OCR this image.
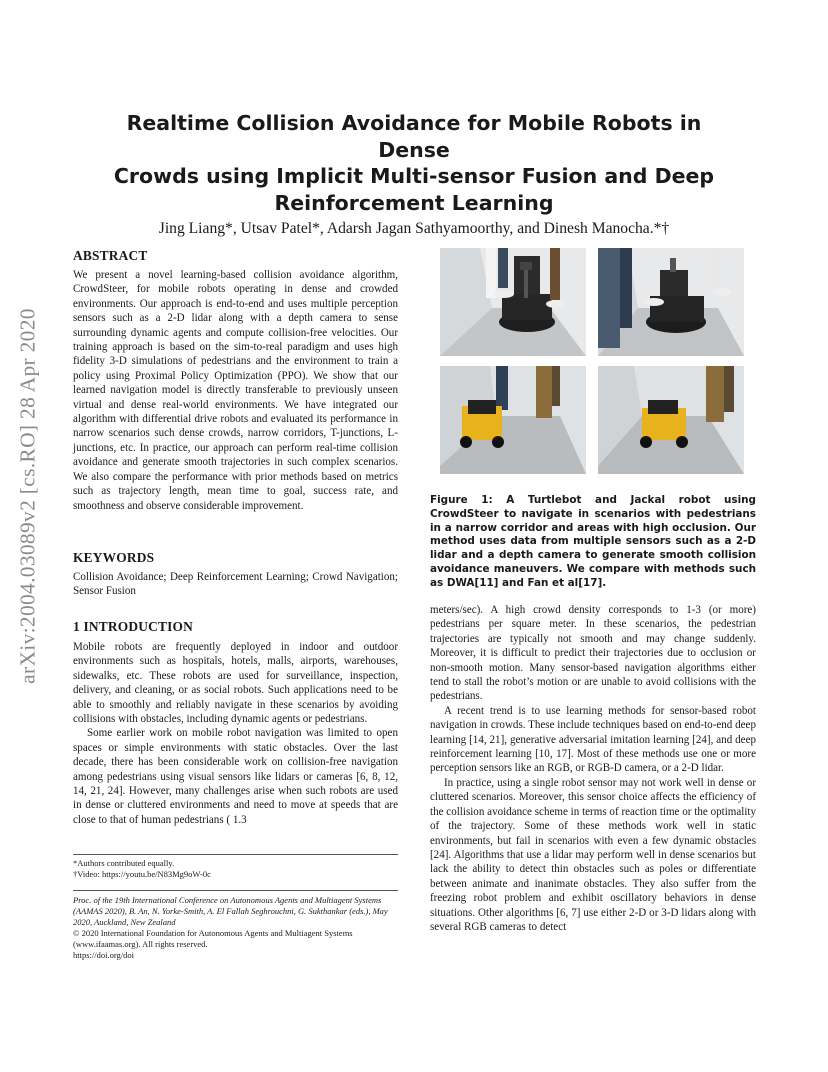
arXiv:2004.03089v2 [cs.RO] 28 Apr 2020
Realtime Collision Avoidance for Mobile Robots in Dense
Crowds using Implicit Multi-sensor Fusion and Deep
Reinforcement Learning
Jing Liang*, Utsav Patel*, Adarsh Jagan Sathyamoorthy, and Dinesh Manocha.*†
ABSTRACT

We present a novel learning-based collision avoidance algorithm, CrowdSteer, for mobile robots operating in dense and crowded environments. Our approach is end-to-end and uses multiple perception sensors such as a 2-D lidar along with a depth camera to sense surrounding dynamic agents and compute collision-free velocities. Our training approach is based on the sim-to-real paradigm and uses high fidelity 3-D simulations of pedestrians and the environment to train a policy using Proximal Policy Optimization (PPO). We show that our learned navigation model is directly transferable to previously unseen virtual and dense real-world environments. We have integrated our algorithm with differential drive robots and evaluated its performance in narrow scenarios such dense crowds, narrow corridors, T-junctions, L-junctions, etc. In practice, our approach can perform real-time collision avoidance and generate smooth trajectories in such complex scenarios. We also compare the performance with prior methods based on metrics such as trajectory length, mean time to goal, success rate, and smoothness and observe considerable improvement.

KEYWORDS

Collision Avoidance; Deep Reinforcement Learning; Crowd Navigation; Sensor Fusion

1 INTRODUCTION

Mobile robots are frequently deployed in indoor and outdoor environments such as hospitals, hotels, malls, airports, warehouses, sidewalks, etc. These robots are used for surveillance, inspection, delivery, and cleaning, or as social robots. Such applications need to be able to smoothly and reliably navigate in these scenarios by avoiding collisions with obstacles, including dynamic agents or pedestrians.

Some earlier work on mobile robot navigation was limited to open spaces or simple environments with static obstacles. Over the last decade, there has been considerable work on collision-free navigation among pedestrians using visual sensors like lidars or cameras [6, 8, 12, 14, 21, 24]. However, many challenges arise when such robots are used in dense or cluttered environments and need to move at speeds that are close to that of human pedestrians ( 1.3

*Authors contributed equally.
†Video: https://youtu.be/N83Mg9oW-0c
Proc. of the 19th International Conference on Autonomous Agents and Multiagent Systems (AAMAS 2020), B. An, N. Yorke-Smith, A. El Fallah Seghrouchni, G. Sukthankar (eds.), May 2020, Auckland, New Zealand
© 2020 International Foundation for Autonomous Agents and Multiagent Systems (www.ifaamas.org). All rights reserved.
https://doi.org/doi
Figure 1: A Turtlebot and Jackal robot using CrowdSteer to navigate in scenarios with pedestrians in a narrow corridor and areas with high occlusion. Our method uses data from multiple sensors such as a 2-D lidar and a depth camera to generate smooth collision avoidance maneuvers. We compare with methods such as DWA[11] and Fan et al[17].

meters/sec). A high crowd density corresponds to 1-3 (or more) pedestrians per square meter. In these scenarios, the pedestrian trajectories are typically not smooth and may change suddenly. Moreover, it is difficult to predict their trajectories due to occlusion or non-smooth motion. Many sensor-based navigation algorithms either tend to stall the robot’s motion or are unable to avoid collisions with the pedestrians.

A recent trend is to use learning methods for sensor-based robot navigation in crowds. These include techniques based on end-to-end deep learning [14, 21], generative adversarial imitation learning [24], and deep reinforcement learning [10, 17]. Most of these methods use one or more perception sensors like an RGB, or RGB-D camera, or a 2-D lidar.

In practice, using a single robot sensor may not work well in dense or cluttered scenarios. Moreover, this sensor choice affects the efficiency of the collision avoidance scheme in terms of reaction time or the optimality of the trajectory. Some of these methods work well in static environments, but fail in scenarios with even a few dynamic obstacles [24]. Algorithms that use a lidar may perform well in dense scenarios but lack the ability to detect thin obstacles such as poles or differentiate between animate and inanimate obstacles. They also suffer from the freezing robot problem and exhibit oscillatory behaviors in dense situations. Other algorithms [6, 7] use either 2-D or 3-D lidars along with several RGB cameras to detect
